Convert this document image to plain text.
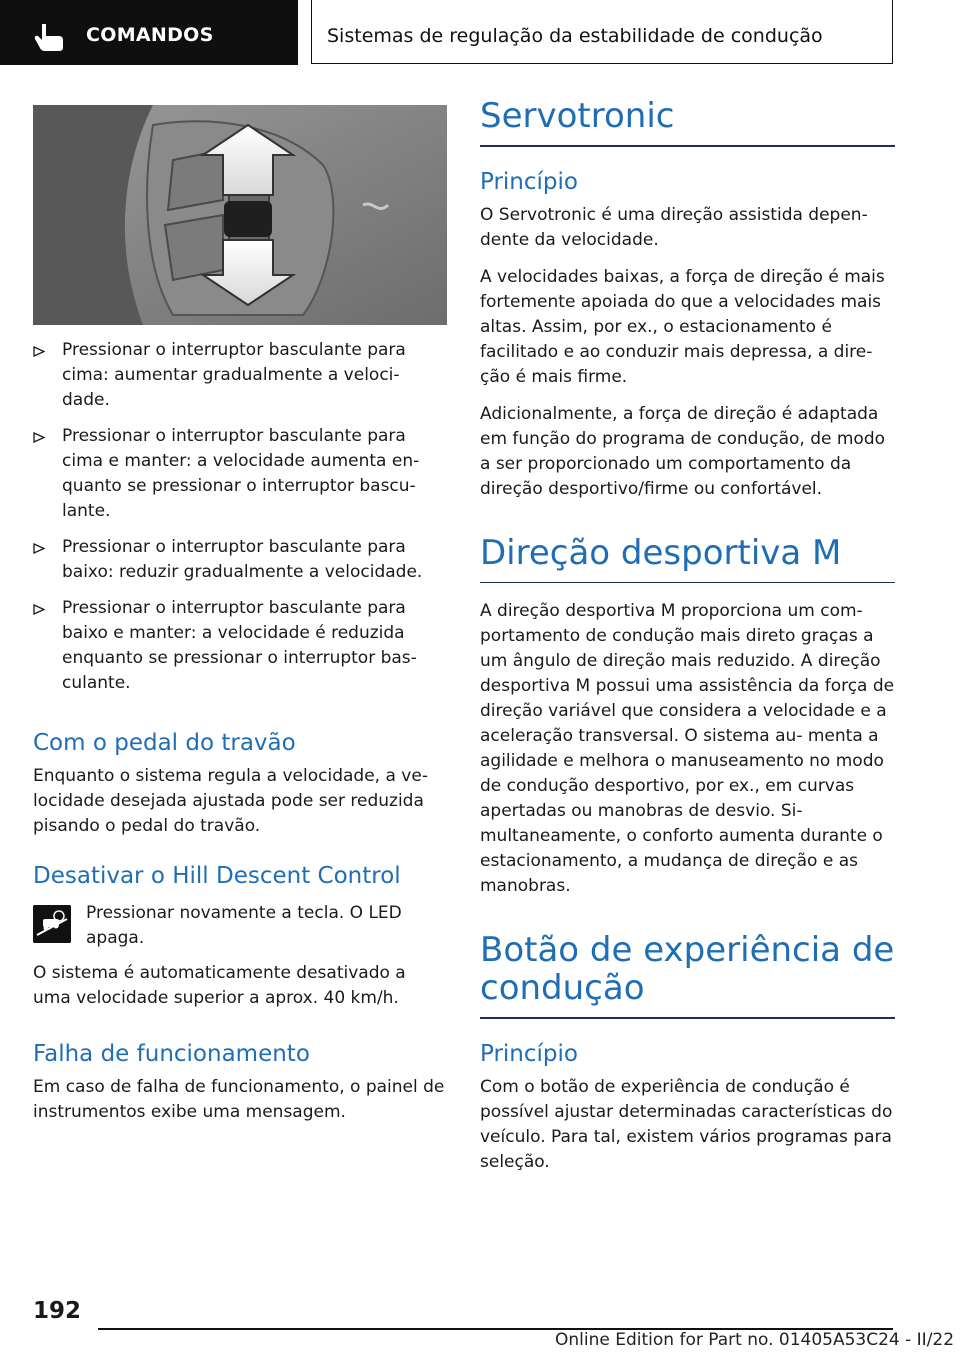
COMANDOS	Sistemas de regulação da estabilidade de condução
Pressionar o interruptor basculante para cima: aumentar gradualmente a veloci‐ dade.
Pressionar o interruptor basculante para cima e manter: a velocidade aumenta en‐ quanto se pressionar o interruptor bascu‐ lante.
Pressionar o interruptor basculante para baixo: reduzir gradualmente a velocidade.
Pressionar o interruptor basculante para baixo e manter: a velocidade é reduzida enquanto se pressionar o interruptor bas‐ culante.
Com o pedal do travão

Enquanto o sistema regula a velocidade, a ve‐ locidade desejada ajustada pode ser reduzida pisando o pedal do travão.

Desativar o Hill Descent Control
Pressionar novamente a tecla. O LED apaga.

O sistema é automaticamente desativado a uma velocidade superior a aprox. 40 km/h.

Falha de funcionamento

Em caso de falha de funcionamento, o painel de instrumentos exibe uma mensagem.

Servotronic
Princípio

O Servotronic é uma direção assistida depen‐ dente da velocidade.

A velocidades baixas, a força de direção é mais fortemente apoiada do que a velocidades mais altas. Assim, por ex., o estacionamento é facilitado e ao conduzir mais depressa, a dire‐ ção é mais firme.

Adicionalmente, a força de direção é adaptada em função do programa de condução, de modo a ser proporcionado um comportamento da direção desportivo/firme ou confortável.

Direção desportiva M

A direção desportiva M proporciona um com‐ portamento de condução mais direto graças a um ângulo de direção mais reduzido. A direção desportiva M possui uma assistência da força de direção variável que considera a velocidade e a aceleração transversal. O sistema au‐ menta a agilidade e melhora o manuseamento no modo de condução desportivo, por ex., em curvas apertadas ou manobras de desvio. Si‐ multaneamente, o conforto aumenta durante o estacionamento, a mudança de direção e as manobras.

Botão de experiência de condução
Princípio

Com o botão de experiência de condução é possível ajustar determinadas características do veículo. Para tal, existem vários programas para seleção.

192
Online Edition for Part no. 01405A53C24 - II/22
